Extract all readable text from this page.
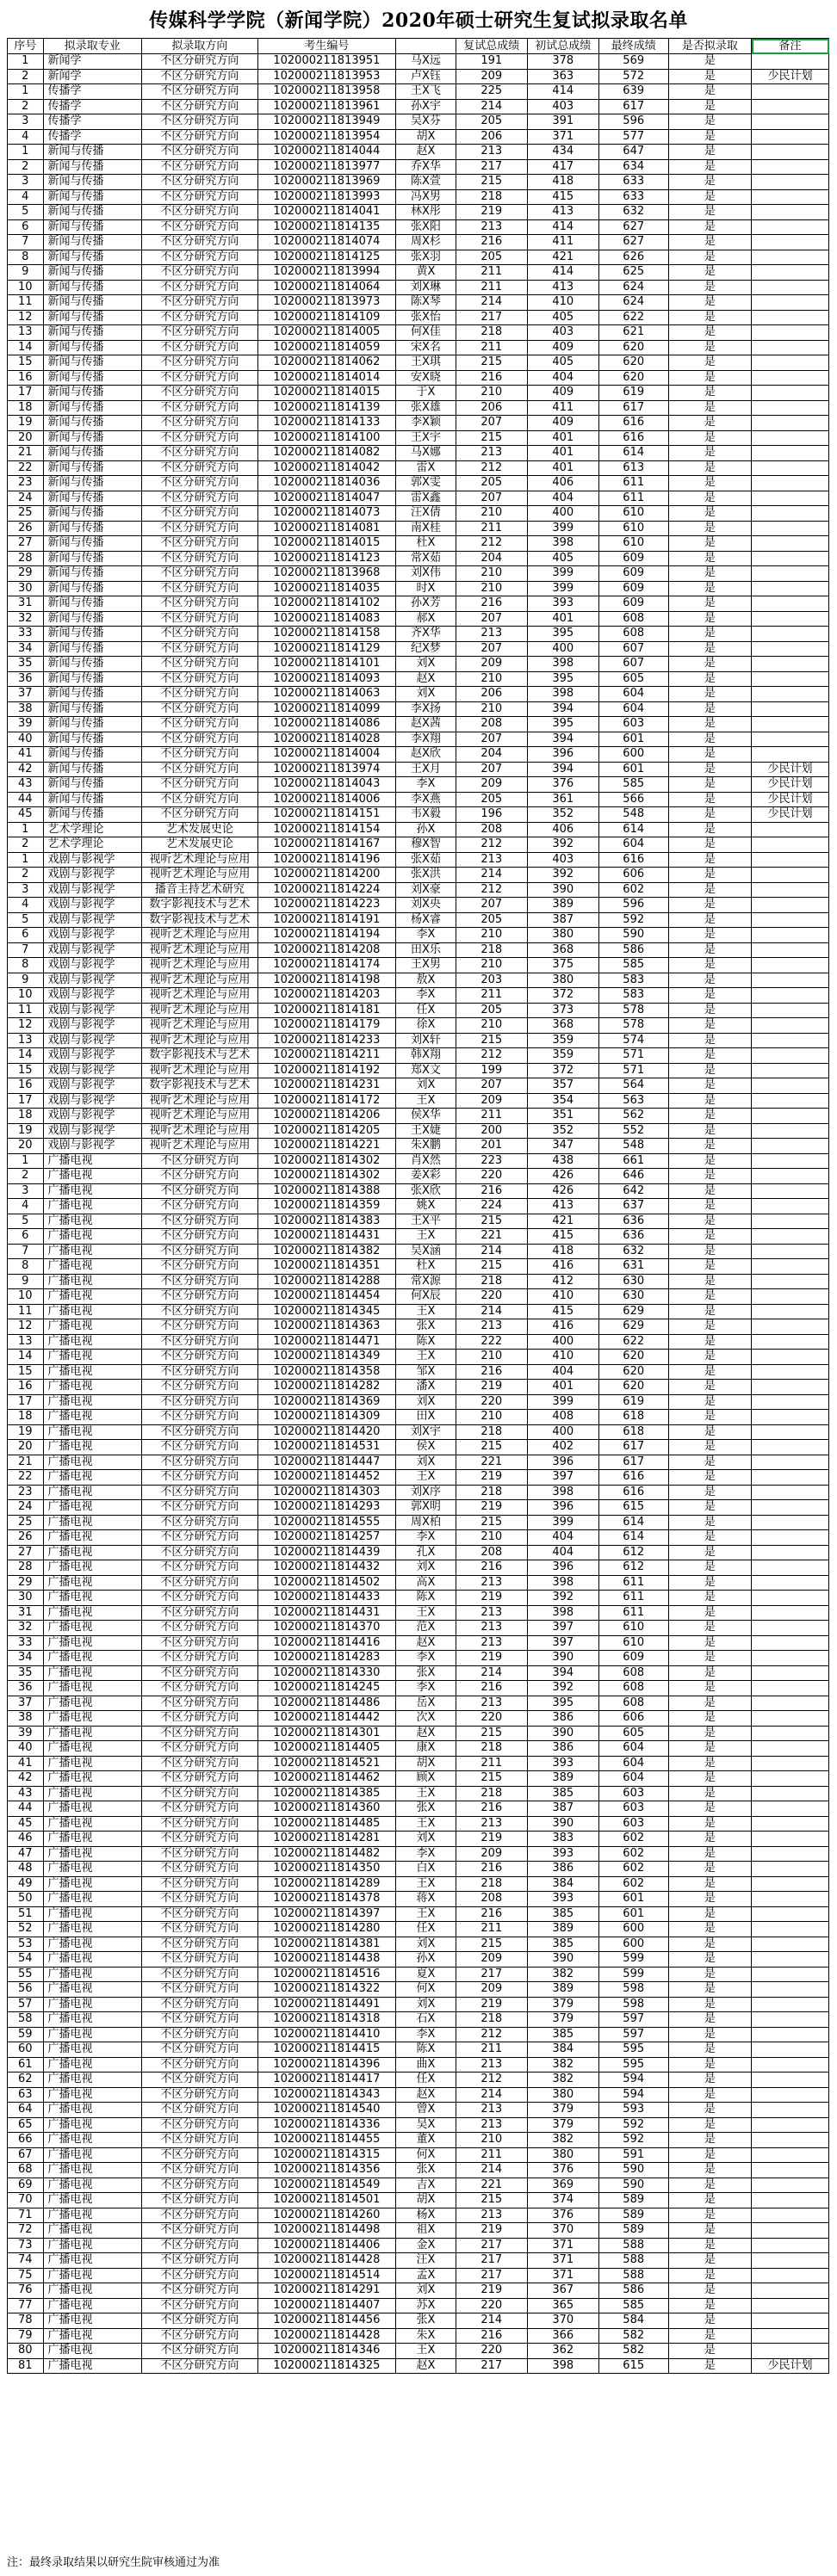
传媒科学学院（新闻学院）2020年硕士研究生复试拟录取名单
序号	拟录取专业	拟录取方向	考生编号		复试总成绩	初试总成绩	最终成绩	是否拟录取	备注
1	新闻学	不区分研究方向	102000211813951	马X远	191	378	569	是	
2	新闻学	不区分研究方向	102000211813953	卢X钰	209	363	572	是	少民计划
1	传播学	不区分研究方向	102000211813958	王X飞	225	414	639	是	
2	传播学	不区分研究方向	102000211813961	孙X宇	214	403	617	是	
3	传播学	不区分研究方向	102000211813949	吴X芬	205	391	596	是	
4	传播学	不区分研究方向	102000211813954	胡X	206	371	577	是	
1	新闻与传播	不区分研究方向	102000211814044	赵X	213	434	647	是	
2	新闻与传播	不区分研究方向	102000211813977	乔X华	217	417	634	是	
3	新闻与传播	不区分研究方向	102000211813969	陈X萱	215	418	633	是	
4	新闻与传播	不区分研究方向	102000211813993	冯X男	218	415	633	是	
5	新闻与传播	不区分研究方向	102000211814041	林X彤	219	413	632	是	
6	新闻与传播	不区分研究方向	102000211814135	张X阳	213	414	627	是	
7	新闻与传播	不区分研究方向	102000211814074	周X杉	216	411	627	是	
8	新闻与传播	不区分研究方向	102000211814125	张X羽	205	421	626	是	
9	新闻与传播	不区分研究方向	102000211813994	黄X	211	414	625	是	
10	新闻与传播	不区分研究方向	102000211814064	刘X琳	211	413	624	是	
11	新闻与传播	不区分研究方向	102000211813973	陈X琴	214	410	624	是	
12	新闻与传播	不区分研究方向	102000211814109	张X怡	217	405	622	是	
13	新闻与传播	不区分研究方向	102000211814005	何X佳	218	403	621	是	
14	新闻与传播	不区分研究方向	102000211814059	宋X名	211	409	620	是	
15	新闻与传播	不区分研究方向	102000211814062	王X琪	215	405	620	是	
16	新闻与传播	不区分研究方向	102000211814014	安X晓	216	404	620	是	
17	新闻与传播	不区分研究方向	102000211814015	于X	210	409	619	是	
18	新闻与传播	不区分研究方向	102000211814139	张X雄	206	411	617	是	
19	新闻与传播	不区分研究方向	102000211814133	李X颖	207	409	616	是	
20	新闻与传播	不区分研究方向	102000211814100	王X宇	215	401	616	是	
21	新闻与传播	不区分研究方向	102000211814082	马X娜	213	401	614	是	
22	新闻与传播	不区分研究方向	102000211814042	雷X	212	401	613	是	
23	新闻与传播	不区分研究方向	102000211814036	郭X雯	205	406	611	是	
24	新闻与传播	不区分研究方向	102000211814047	雷X鑫	207	404	611	是	
25	新闻与传播	不区分研究方向	102000211814073	汪X倩	210	400	610	是	
26	新闻与传播	不区分研究方向	102000211814081	南X桂	211	399	610	是	
27	新闻与传播	不区分研究方向	102000211814015	杜X	212	398	610	是	
28	新闻与传播	不区分研究方向	102000211814123	常X茹	204	405	609	是	
29	新闻与传播	不区分研究方向	102000211813968	刘X伟	210	399	609	是	
30	新闻与传播	不区分研究方向	102000211814035	时X	210	399	609	是	
31	新闻与传播	不区分研究方向	102000211814102	孙X芳	216	393	609	是	
32	新闻与传播	不区分研究方向	102000211814083	郝X	207	401	608	是	
33	新闻与传播	不区分研究方向	102000211814158	齐X华	213	395	608	是	
34	新闻与传播	不区分研究方向	102000211814129	纪X梦	207	400	607	是	
35	新闻与传播	不区分研究方向	102000211814101	刘X	209	398	607	是	
36	新闻与传播	不区分研究方向	102000211814093	赵X	210	395	605	是	
37	新闻与传播	不区分研究方向	102000211814063	刘X	206	398	604	是	
38	新闻与传播	不区分研究方向	102000211814099	李X扬	210	394	604	是	
39	新闻与传播	不区分研究方向	102000211814086	赵X茜	208	395	603	是	
40	新闻与传播	不区分研究方向	102000211814028	李X翔	207	394	601	是	
41	新闻与传播	不区分研究方向	102000211814004	赵X欣	204	396	600	是	
42	新闻与传播	不区分研究方向	102000211813974	王X月	207	394	601	是	少民计划
43	新闻与传播	不区分研究方向	102000211814043	李X	209	376	585	是	少民计划
44	新闻与传播	不区分研究方向	102000211814006	李X燕	205	361	566	是	少民计划
45	新闻与传播	不区分研究方向	102000211814151	韦X毅	196	352	548	是	少民计划
1	艺术学理论	艺术发展史论	102000211814154	孙X	208	406	614	是	
2	艺术学理论	艺术发展史论	102000211814167	穆X智	212	392	604	是	
1	戏剧与影视学	视听艺术理论与应用	102000211814196	张X茹	213	403	616	是	
2	戏剧与影视学	视听艺术理论与应用	102000211814200	张X洪	214	392	606	是	
3	戏剧与影视学	播音主持艺术研究	102000211814224	刘X豪	212	390	602	是	
4	戏剧与影视学	数字影视技术与艺术	102000211814223	刘X央	207	389	596	是	
5	戏剧与影视学	数字影视技术与艺术	102000211814191	杨X睿	205	387	592	是	
6	戏剧与影视学	视听艺术理论与应用	102000211814194	李X	210	380	590	是	
7	戏剧与影视学	视听艺术理论与应用	102000211814208	田X乐	218	368	586	是	
8	戏剧与影视学	视听艺术理论与应用	102000211814174	王X男	210	375	585	是	
9	戏剧与影视学	视听艺术理论与应用	102000211814198	敖X	203	380	583	是	
10	戏剧与影视学	视听艺术理论与应用	102000211814203	李X	211	372	583	是	
11	戏剧与影视学	视听艺术理论与应用	102000211814181	任X	205	373	578	是	
12	戏剧与影视学	视听艺术理论与应用	102000211814179	徐X	210	368	578	是	
13	戏剧与影视学	视听艺术理论与应用	102000211814233	刘X轩	215	359	574	是	
14	戏剧与影视学	数字影视技术与艺术	102000211814211	韩X翔	212	359	571	是	
15	戏剧与影视学	视听艺术理论与应用	102000211814192	郑X文	199	372	571	是	
16	戏剧与影视学	数字影视技术与艺术	102000211814231	刘X	207	357	564	是	
17	戏剧与影视学	视听艺术理论与应用	102000211814172	王X	209	354	563	是	
18	戏剧与影视学	视听艺术理论与应用	102000211814206	侯X华	211	351	562	是	
19	戏剧与影视学	视听艺术理论与应用	102000211814205	王X婕	200	352	552	是	
20	戏剧与影视学	视听艺术理论与应用	102000211814221	朱X鹏	201	347	548	是	
1	广播电视	不区分研究方向	102000211814302	肖X然	223	438	661	是	
2	广播电视	不区分研究方向	102000211814302	姜X彩	220	426	646	是	
3	广播电视	不区分研究方向	102000211814388	张X欣	216	426	642	是	
4	广播电视	不区分研究方向	102000211814359	姚X	224	413	637	是	
5	广播电视	不区分研究方向	102000211814383	王X平	215	421	636	是	
6	广播电视	不区分研究方向	102000211814431	王X	221	415	636	是	
7	广播电视	不区分研究方向	102000211814382	吴X涵	214	418	632	是	
8	广播电视	不区分研究方向	102000211814351	杜X	215	416	631	是	
9	广播电视	不区分研究方向	102000211814288	常X源	218	412	630	是	
10	广播电视	不区分研究方向	102000211814454	何X辰	220	410	630	是	
11	广播电视	不区分研究方向	102000211814345	王X	214	415	629	是	
12	广播电视	不区分研究方向	102000211814363	张X	213	416	629	是	
13	广播电视	不区分研究方向	102000211814471	陈X	222	400	622	是	
14	广播电视	不区分研究方向	102000211814349	王X	210	410	620	是	
15	广播电视	不区分研究方向	102000211814358	邹X	216	404	620	是	
16	广播电视	不区分研究方向	102000211814282	潘X	219	401	620	是	
17	广播电视	不区分研究方向	102000211814369	刘X	220	399	619	是	
18	广播电视	不区分研究方向	102000211814309	田X	210	408	618	是	
19	广播电视	不区分研究方向	102000211814420	刘X宇	218	400	618	是	
20	广播电视	不区分研究方向	102000211814531	侯X	215	402	617	是	
21	广播电视	不区分研究方向	102000211814447	刘X	221	396	617	是	
22	广播电视	不区分研究方向	102000211814452	王X	219	397	616	是	
23	广播电视	不区分研究方向	102000211814303	刘X序	218	398	616	是	
24	广播电视	不区分研究方向	102000211814293	郭X明	219	396	615	是	
25	广播电视	不区分研究方向	102000211814555	周X柏	215	399	614	是	
26	广播电视	不区分研究方向	102000211814257	李X	210	404	614	是	
27	广播电视	不区分研究方向	102000211814439	孔X	208	404	612	是	
28	广播电视	不区分研究方向	102000211814432	刘X	216	396	612	是	
29	广播电视	不区分研究方向	102000211814502	高X	213	398	611	是	
30	广播电视	不区分研究方向	102000211814433	陈X	219	392	611	是	
31	广播电视	不区分研究方向	102000211814431	王X	213	398	611	是	
32	广播电视	不区分研究方向	102000211814370	范X	213	397	610	是	
33	广播电视	不区分研究方向	102000211814416	赵X	213	397	610	是	
34	广播电视	不区分研究方向	102000211814283	李X	219	390	609	是	
35	广播电视	不区分研究方向	102000211814330	张X	214	394	608	是	
36	广播电视	不区分研究方向	102000211814245	李X	216	392	608	是	
37	广播电视	不区分研究方向	102000211814486	岳X	213	395	608	是	
38	广播电视	不区分研究方向	102000211814442	次X	220	386	606	是	
39	广播电视	不区分研究方向	102000211814301	赵X	215	390	605	是	
40	广播电视	不区分研究方向	102000211814405	康X	218	386	604	是	
41	广播电视	不区分研究方向	102000211814521	胡X	211	393	604	是	
42	广播电视	不区分研究方向	102000211814462	顾X	215	389	604	是	
43	广播电视	不区分研究方向	102000211814385	王X	218	385	603	是	
44	广播电视	不区分研究方向	102000211814360	张X	216	387	603	是	
45	广播电视	不区分研究方向	102000211814485	王X	213	390	603	是	
46	广播电视	不区分研究方向	102000211814281	刘X	219	383	602	是	
47	广播电视	不区分研究方向	102000211814482	李X	209	393	602	是	
48	广播电视	不区分研究方向	102000211814350	白X	216	386	602	是	
49	广播电视	不区分研究方向	102000211814289	王X	218	384	602	是	
50	广播电视	不区分研究方向	102000211814378	蒋X	208	393	601	是	
51	广播电视	不区分研究方向	102000211814397	王X	216	385	601	是	
52	广播电视	不区分研究方向	102000211814280	任X	211	389	600	是	
53	广播电视	不区分研究方向	102000211814381	刘X	215	385	600	是	
54	广播电视	不区分研究方向	102000211814438	孙X	209	390	599	是	
55	广播电视	不区分研究方向	102000211814516	夏X	217	382	599	是	
56	广播电视	不区分研究方向	102000211814322	何X	209	389	598	是	
57	广播电视	不区分研究方向	102000211814491	刘X	219	379	598	是	
58	广播电视	不区分研究方向	102000211814318	石X	218	379	597	是	
59	广播电视	不区分研究方向	102000211814410	李X	212	385	597	是	
60	广播电视	不区分研究方向	102000211814415	陈X	211	384	595	是	
61	广播电视	不区分研究方向	102000211814396	曲X	213	382	595	是	
62	广播电视	不区分研究方向	102000211814417	任X	212	382	594	是	
63	广播电视	不区分研究方向	102000211814343	赵X	214	380	594	是	
64	广播电视	不区分研究方向	102000211814540	曾X	213	379	593	是	
65	广播电视	不区分研究方向	102000211814336	吴X	213	379	592	是	
66	广播电视	不区分研究方向	102000211814455	董X	210	382	592	是	
67	广播电视	不区分研究方向	102000211814315	何X	211	380	591	是	
68	广播电视	不区分研究方向	102000211814356	张X	214	376	590	是	
69	广播电视	不区分研究方向	102000211814549	吉X	221	369	590	是	
70	广播电视	不区分研究方向	102000211814501	胡X	215	374	589	是	
71	广播电视	不区分研究方向	102000211814260	杨X	213	376	589	是	
72	广播电视	不区分研究方向	102000211814498	祖X	219	370	589	是	
73	广播电视	不区分研究方向	102000211814406	金X	217	371	588	是	
74	广播电视	不区分研究方向	102000211814428	汪X	217	371	588	是	
75	广播电视	不区分研究方向	102000211814514	孟X	217	371	588	是	
76	广播电视	不区分研究方向	102000211814291	刘X	219	367	586	是	
77	广播电视	不区分研究方向	102000211814407	苏X	220	365	585	是	
78	广播电视	不区分研究方向	102000211814456	张X	214	370	584	是	
79	广播电视	不区分研究方向	102000211814428	朱X	216	366	582	是	
80	广播电视	不区分研究方向	102000211814346	王X	220	362	582	是	
81	广播电视	不区分研究方向	102000211814325	赵X	217	398	615	是	少民计划
注：最终录取结果以研究生院审核通过为准
